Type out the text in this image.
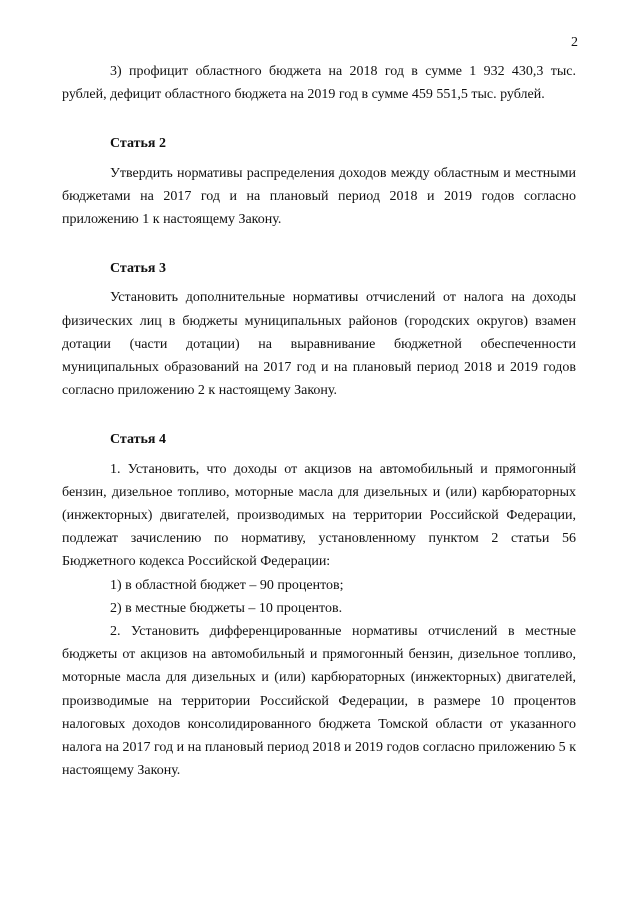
2

3) профицит областного бюджета на 2018 год в сумме 1 932 430,3 тыс. рублей, дефицит областного бюджета на 2019 год в сумме 459 551,5 тыс. рублей.

Статья 2

Утвердить нормативы распределения доходов между областным и местными бюджетами на 2017 год и на плановый период 2018 и 2019 годов согласно приложению 1 к настоящему Закону.

Статья 3

Установить дополнительные нормативы отчислений от налога на доходы физических лиц в бюджеты муниципальных районов (городских округов) взамен дотации (части дотации) на выравнивание бюджетной обеспеченности муниципальных образований на 2017 год и на плановый период 2018 и 2019 годов согласно приложению 2 к настоящему Закону.

Статья 4

1. Установить, что доходы от акцизов на автомобильный и прямогонный бензин, дизельное топливо, моторные масла для дизельных и (или) карбюраторных (инжекторных) двигателей, производимых на территории Российской Федерации, подлежат зачислению по нормативу, установленному пунктом 2 статьи 56 Бюджетного кодекса Российской Федерации:

1) в областной бюджет – 90 процентов;

2) в местные бюджеты – 10 процентов.

2. Установить дифференцированные нормативы отчислений в местные бюджеты от акцизов на автомобильный и прямогонный бензин, дизельное топливо, моторные масла для дизельных и (или) карбюраторных (инжекторных) двигателей, производимые на территории Российской Федерации, в размере 10 процентов налоговых доходов консолидированного бюджета Томской области от указанного налога на 2017 год и на плановый период 2018 и 2019 годов согласно приложению 5 к настоящему Закону.
